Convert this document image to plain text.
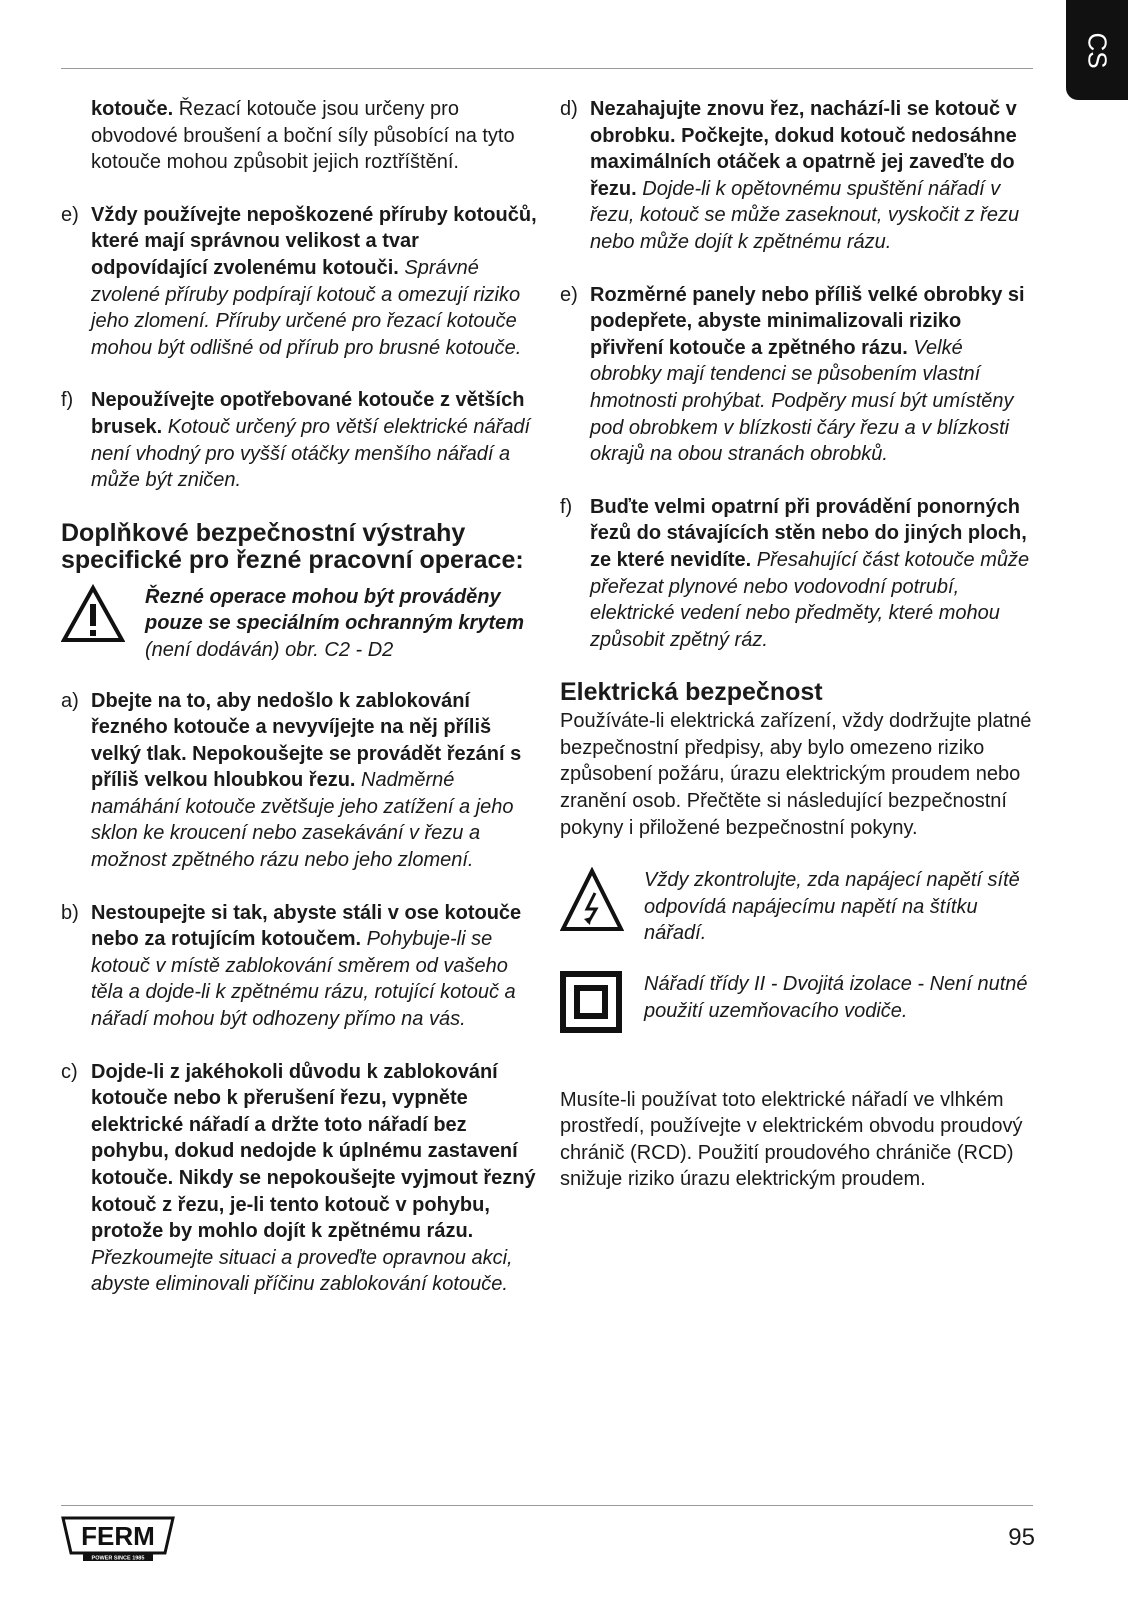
CS
kotouče. Řezací kotouče jsou určeny pro obvodové broušení a boční síly působící na tyto kotouče mohou způsobit jejich roztříštění.
e) Vždy používejte nepoškozené příruby kotoučů, které mají správnou velikost a tvar odpovídající zvolenému kotouči. Správné zvolené příruby podpírají kotouč a omezují riziko jeho zlomení. Příruby určené pro řezací kotouče mohou být odlišné od přírub pro brusné kotouče.
f) Nepoužívejte opotřebované kotouče z větších brusek. Kotouč určený pro větší elektrické nářadí není vhodný pro vyšší otáčky menšího nářadí a může být zničen.
Doplňkové bezpečnostní výstrahy specifické pro řezné pracovní operace:
Řezné operace mohou být prováděny pouze se speciálním ochranným krytem (není dodáván) obr. C2 - D2
a) Dbejte na to, aby nedošlo k zablokování řezného kotouče a nevyvíjejte na něj příliš velký tlak. Nepokoušejte se provádět řezání s příliš velkou hloubkou řezu. Nadměrné namáhání kotouče zvětšuje jeho zatížení a jeho sklon ke kroucení nebo zasekávání v řezu a možnost zpětného rázu nebo jeho zlomení.
b) Nestoupejte si tak, abyste stáli v ose kotouče nebo za rotujícím kotoučem. Pohybuje-li se kotouč v místě zablokování směrem od vašeho těla a dojde-li k zpětnému rázu, rotující kotouč a nářadí mohou být odhozeny přímo na vás.
c) Dojde-li z jakéhokoli důvodu k zablokování kotouče nebo k přerušení řezu, vypněte elektrické nářadí a držte toto nářadí bez pohybu, dokud nedojde k úplnému zastavení kotouče. Nikdy se nepokoušejte vyjmout řezný kotouč z řezu, je-li tento kotouč v pohybu, protože by mohlo dojít k zpětnému rázu. Přezkoumejte situaci a proveďte opravnou akci, abyste eliminovali příčinu zablokování kotouče.
d) Nezahajujte znovu řez, nachází-li se kotouč v obrobku. Počkejte, dokud kotouč nedosáhne maximálních otáček a opatrně jej zaveďte do řezu. Dojde-li k opětovnému spuštění nářadí v řezu, kotouč se může zaseknout, vyskočit z řezu nebo může dojít k zpětnému rázu.
e) Rozměrné panely nebo příliš velké obrobky si podepřete, abyste minimalizovali riziko přivření kotouče a zpětného rázu. Velké obrobky mají tendenci se působením vlastní hmotnosti prohýbat. Podpěry musí být umístěny pod obrobkem v blízkosti čáry řezu a v blízkosti okrajů na obou stranách obrobků.
f) Buďte velmi opatrní při provádění ponorných řezů do stávajících stěn nebo do jiných ploch, ze které nevidíte. Přesahující část kotouče může přeřezat plynové nebo vodovodní potrubí, elektrické vedení nebo předměty, které mohou způsobit zpětný ráz.
Elektrická bezpečnost

Používáte-li elektrická zařízení, vždy dodržujte platné bezpečnostní předpisy, aby bylo omezeno riziko způsobení požáru, úrazu elektrickým proudem nebo zranění osob. Přečtěte si následující bezpečnostní pokyny i přiložené bezpečnostní pokyny.

Vždy zkontrolujte, zda napájecí napětí sítě odpovídá napájecímu napětí na štítku nářadí.
Nářadí třídy II - Dvojitá izolace - Není nutné použití uzemňovacího vodiče.

Musíte-li používat toto elektrické nářadí ve vlhkém prostředí, používejte v elektrickém obvodu proudový chránič (RCD). Použití proudového chrániče (RCD) snižuje riziko úrazu elektrickým proudem.

FERM
POWER SINCE 1985
95
